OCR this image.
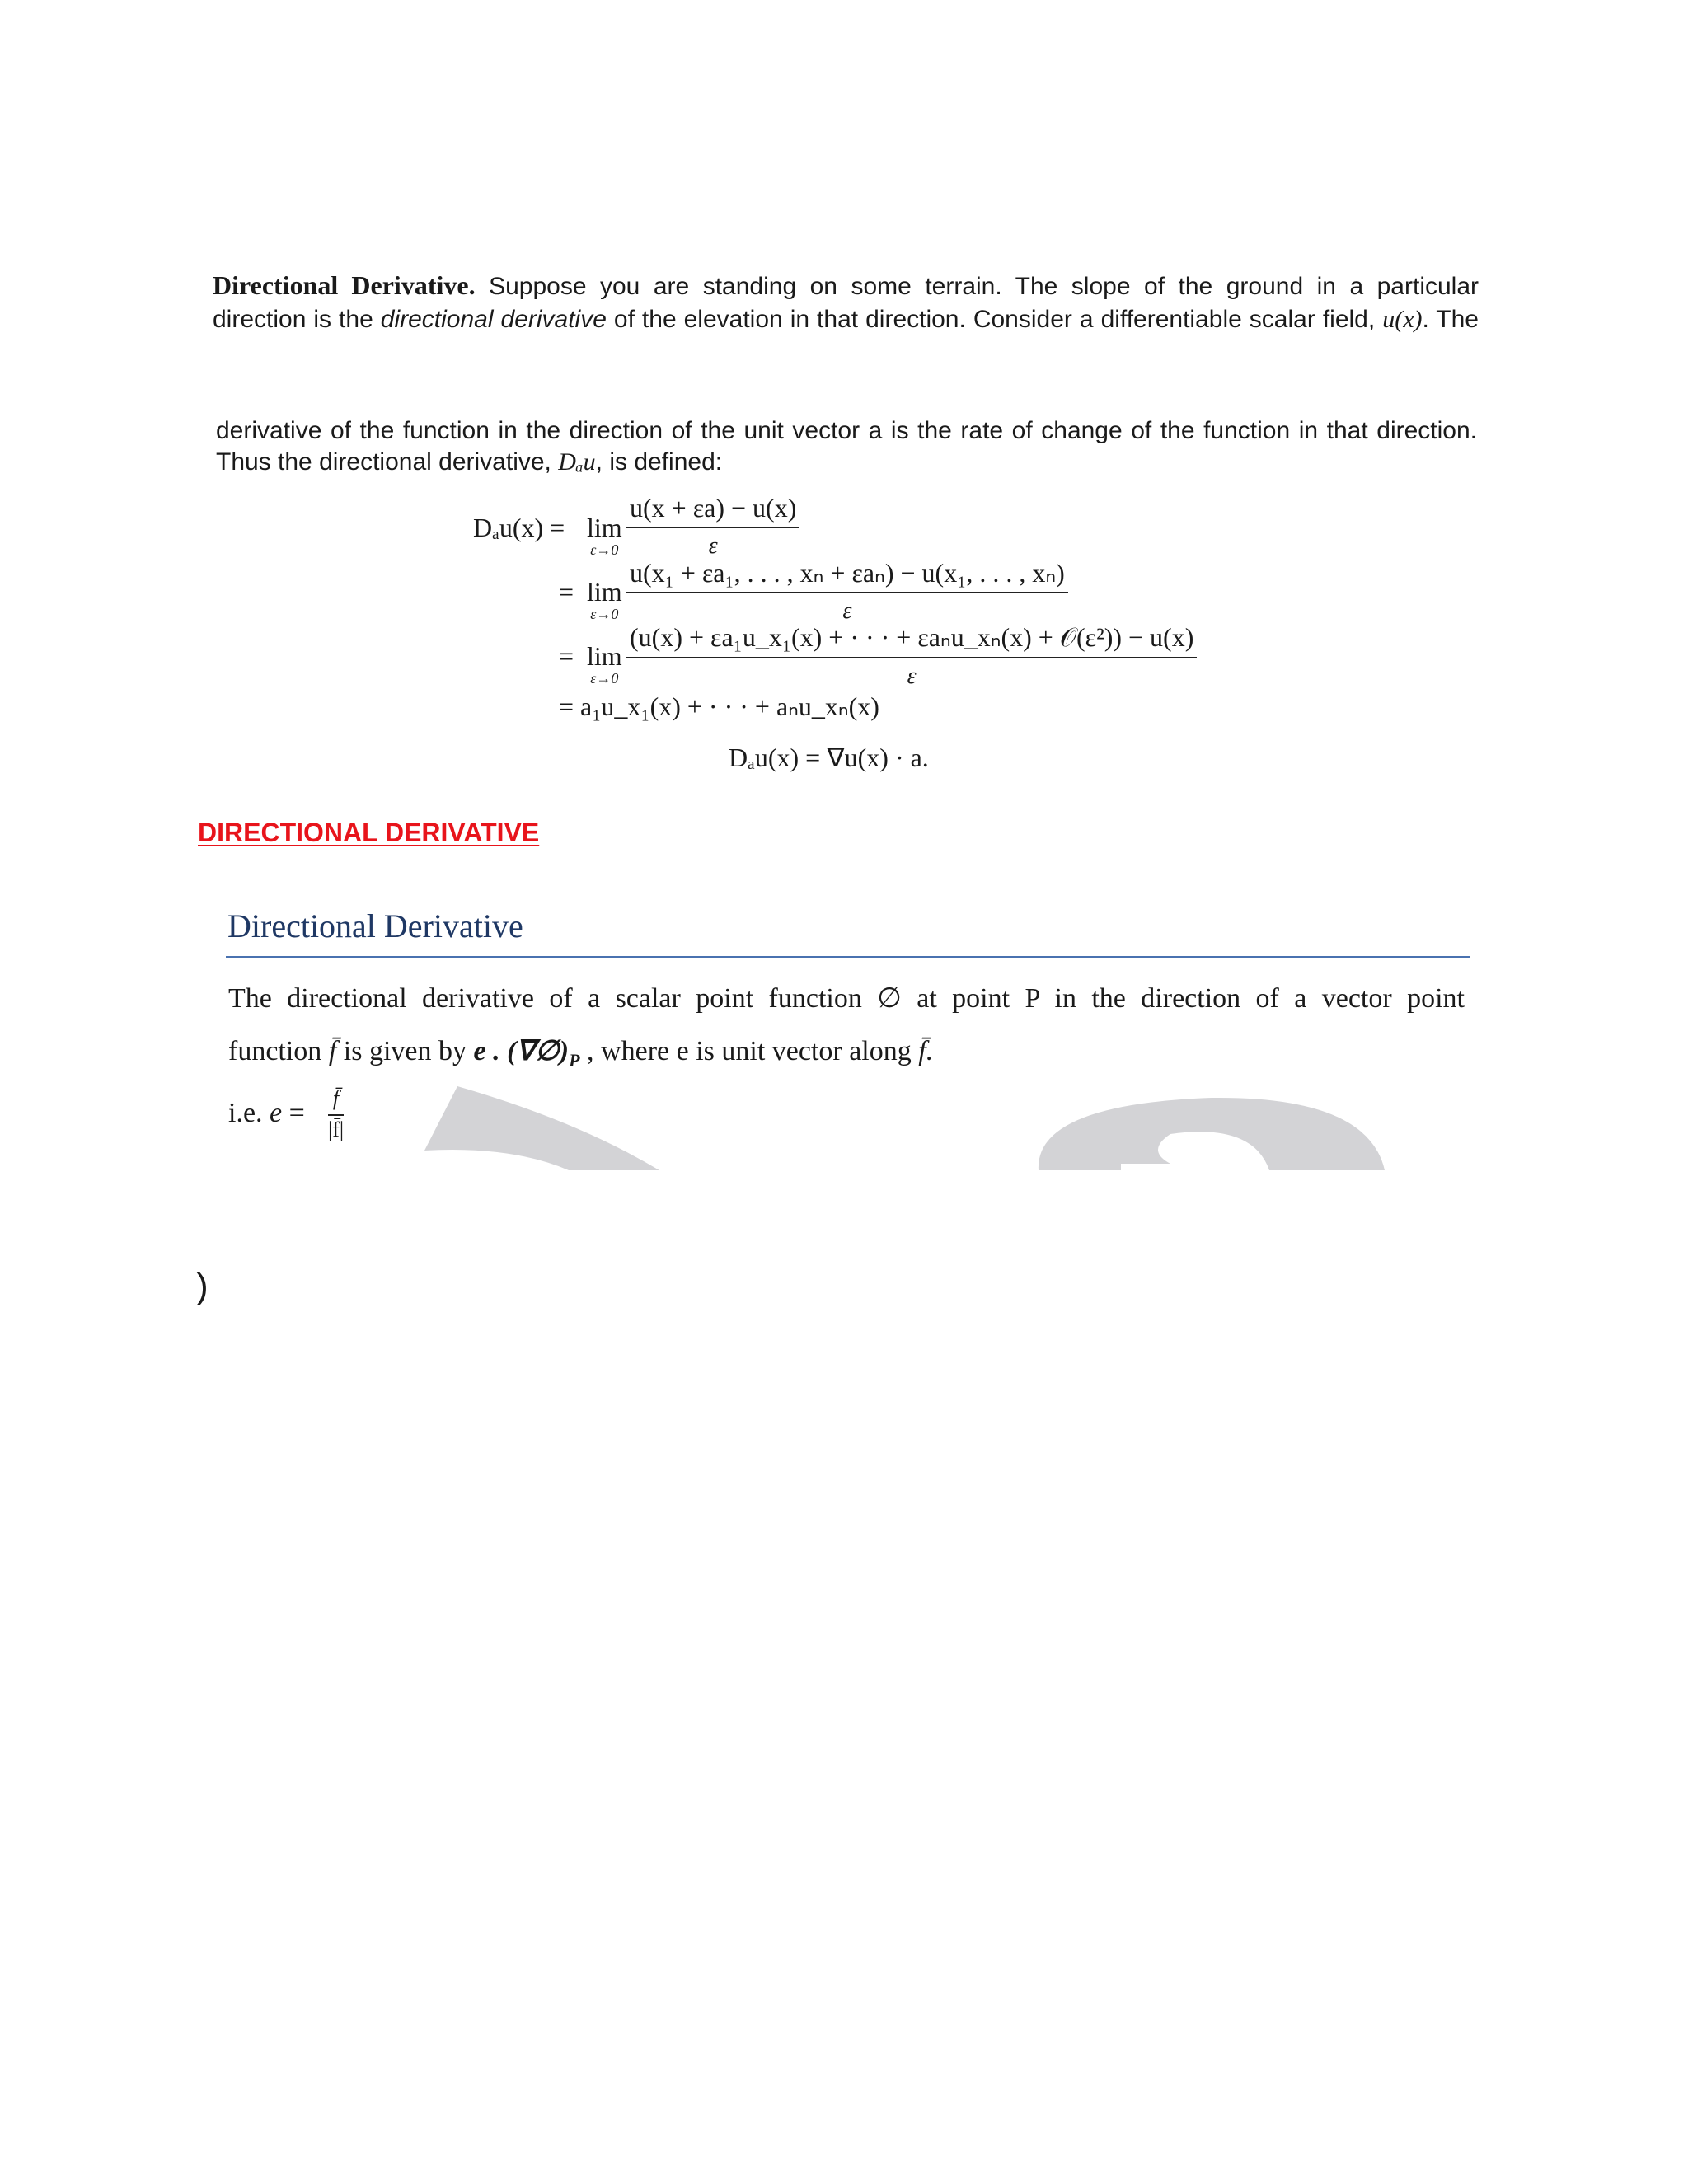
Directional Derivative. Suppose you are standing on some terrain. The slope of the ground in a particular
direction is the directional derivative of the elevation in that direction. Consider a differentiable scalar field, u(x). The
derivative of the function in the direction of the unit vector a is the rate of change of the function in that direction.
Thus the directional derivative, Dₐu, is defined:
Dₐu(x) = lim
ε→0
u(x + εa) − u(x)
ε
= lim
ε→0
u(x₁ + εa₁, . . . , xₙ + εaₙ) − u(x₁, . . . , xₙ)
ε
= lim
ε→0
(u(x) + εa₁u_x₁(x) + · · · + εaₙu_xₙ(x) + 𝒪(ε²)) − u(x)
ε
= a₁u_x₁(x) + · · · + aₙu_xₙ(x)
Dₐu(x) = ∇u(x) · a.
DIRECTIONAL DERIVATIVE
Directional Derivative
The directional derivative of a scalar point function ∅ at point P in the direction of a vector point
function f̄ is given by e . $(\nabla\emptyset)_P$ , where e is unit vector along f̄.
i.e. e = f̄
|f̄|
)
